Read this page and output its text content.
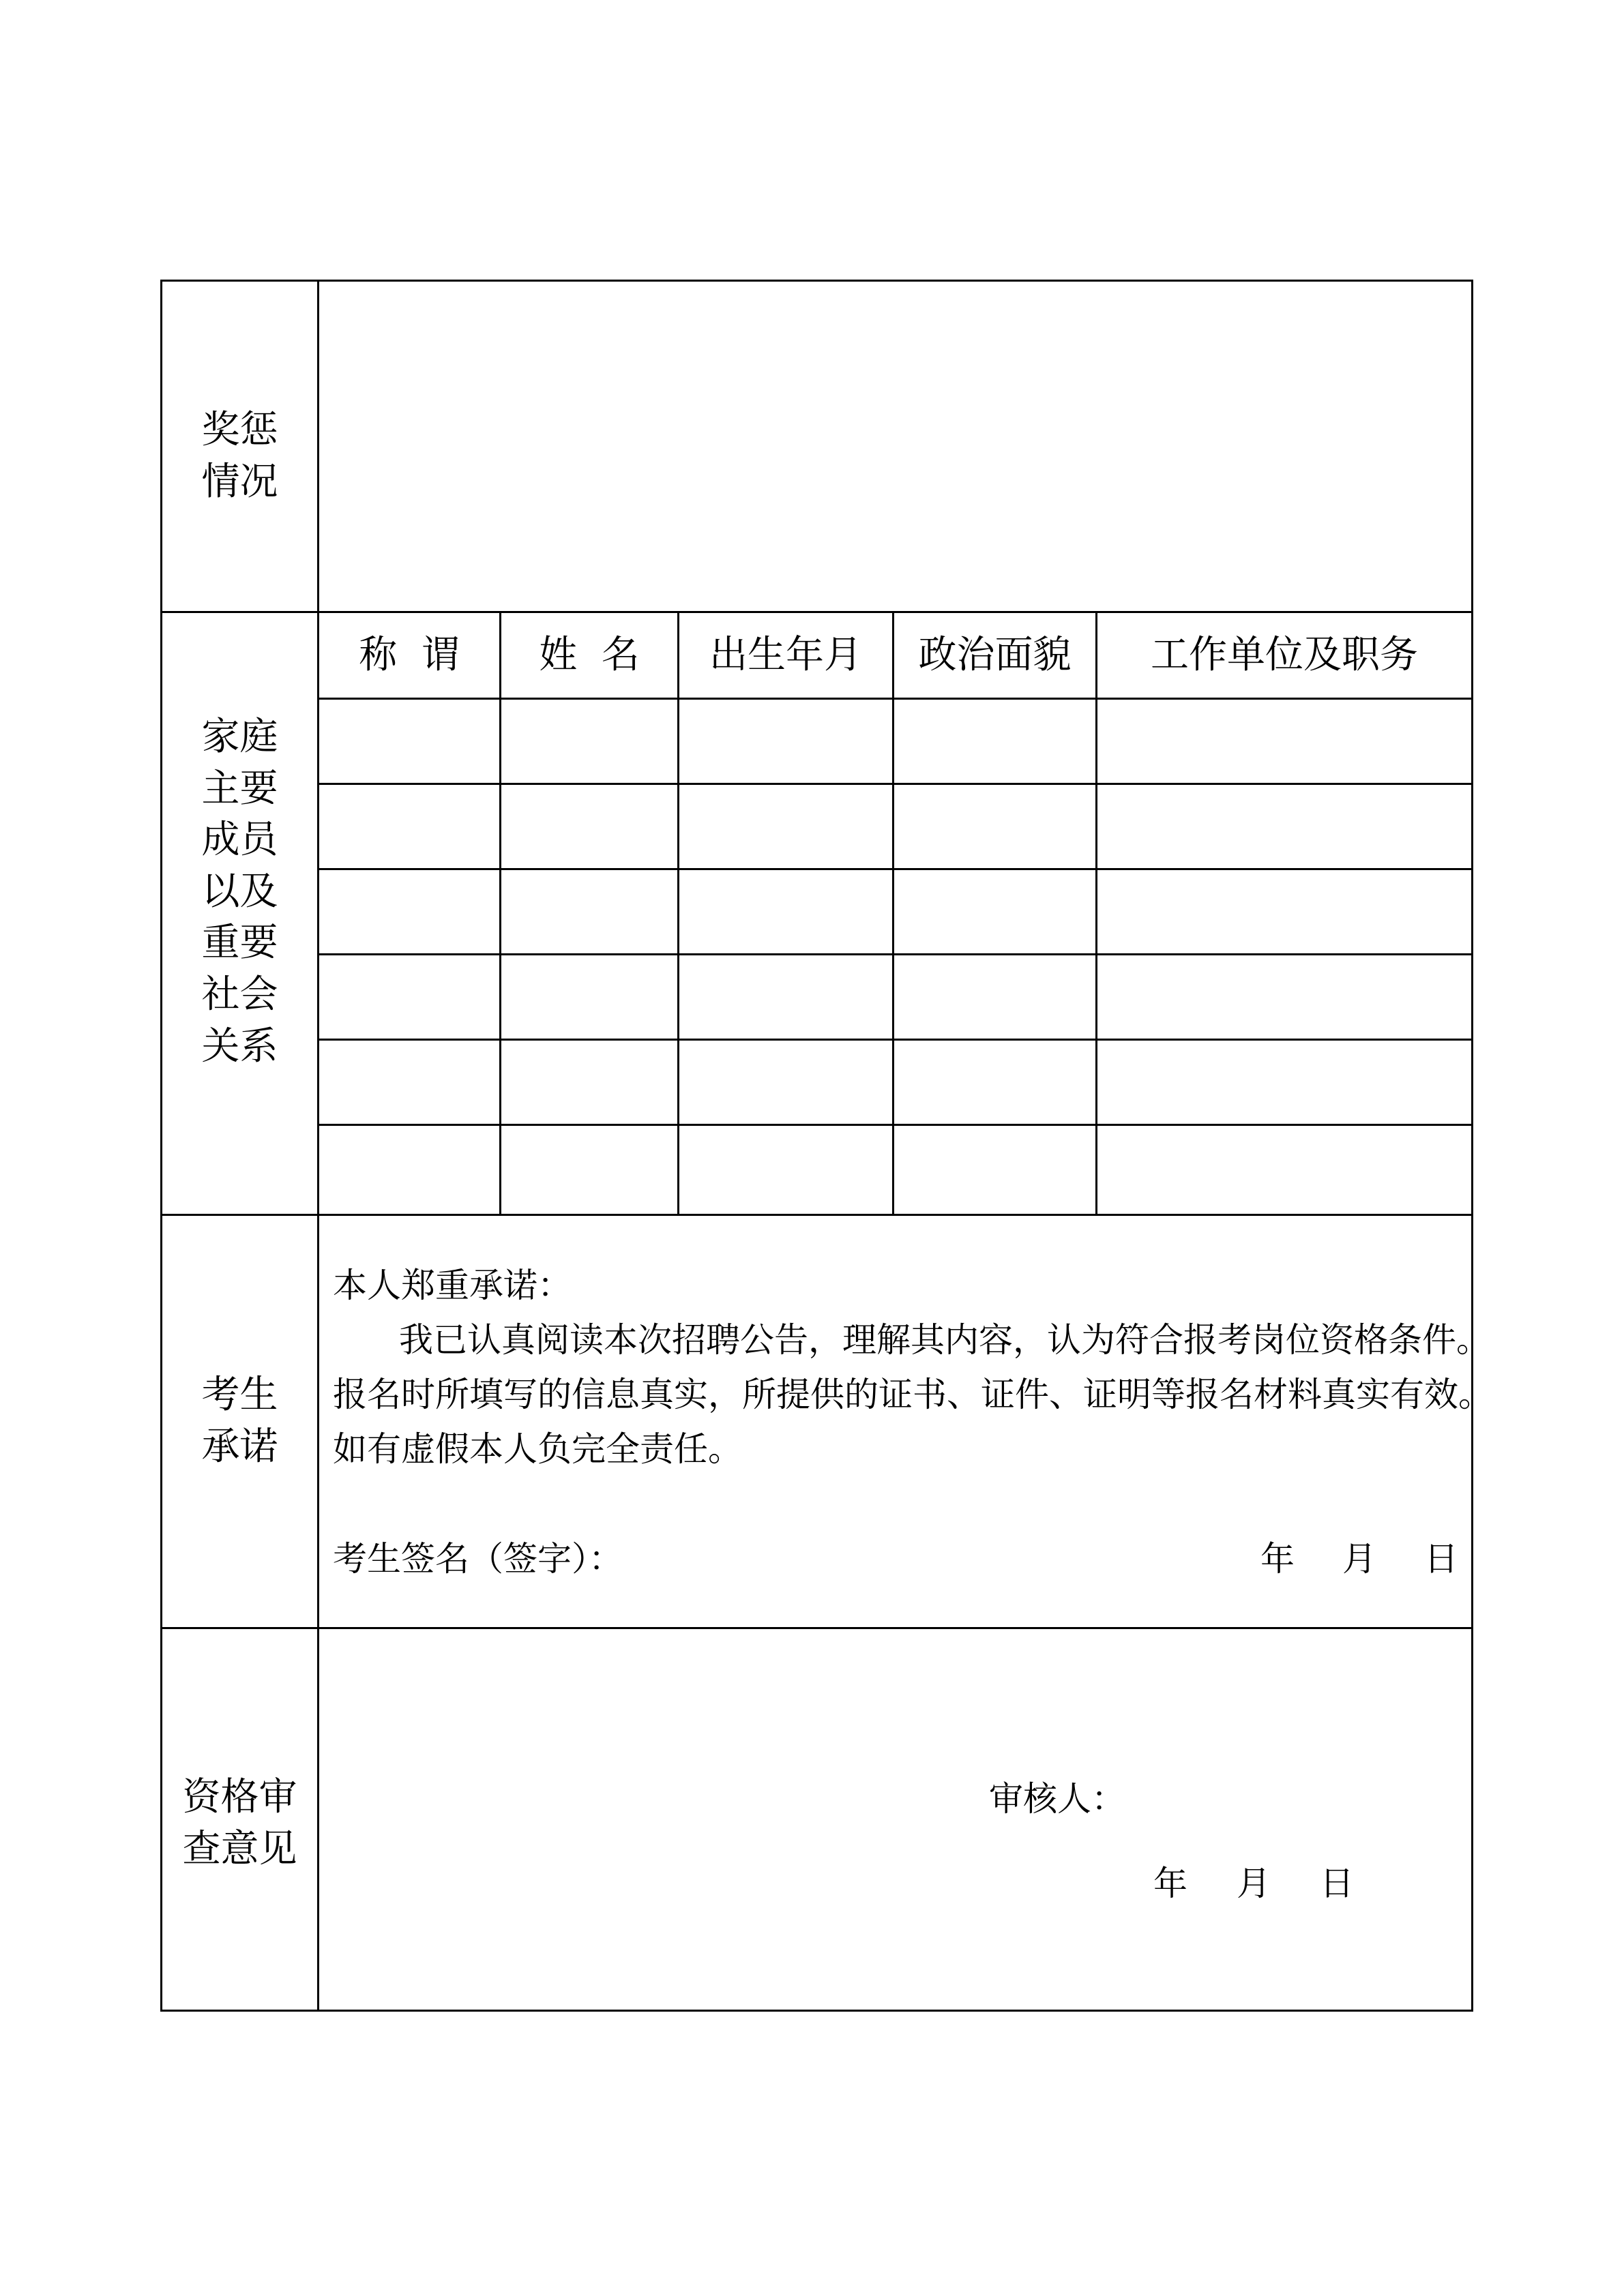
奖惩
情况
家庭
主要
成员
以及
重要
社会
关系
称  谓	姓  名	出生年月	政治面貌	工作单位及职务
考生
承诺
本人郑重承诺：
我已认真阅读本次招聘公告，理解其内容，认为符合报考岗位资格条件。
报名时所填写的信息真实，所提供的证书、证件、证明等报名材料真实有效。
如有虚假本人负完全责任。
考生签名（签字）：	年 月 日
资格审
查意见
审核人：
年 月 日
